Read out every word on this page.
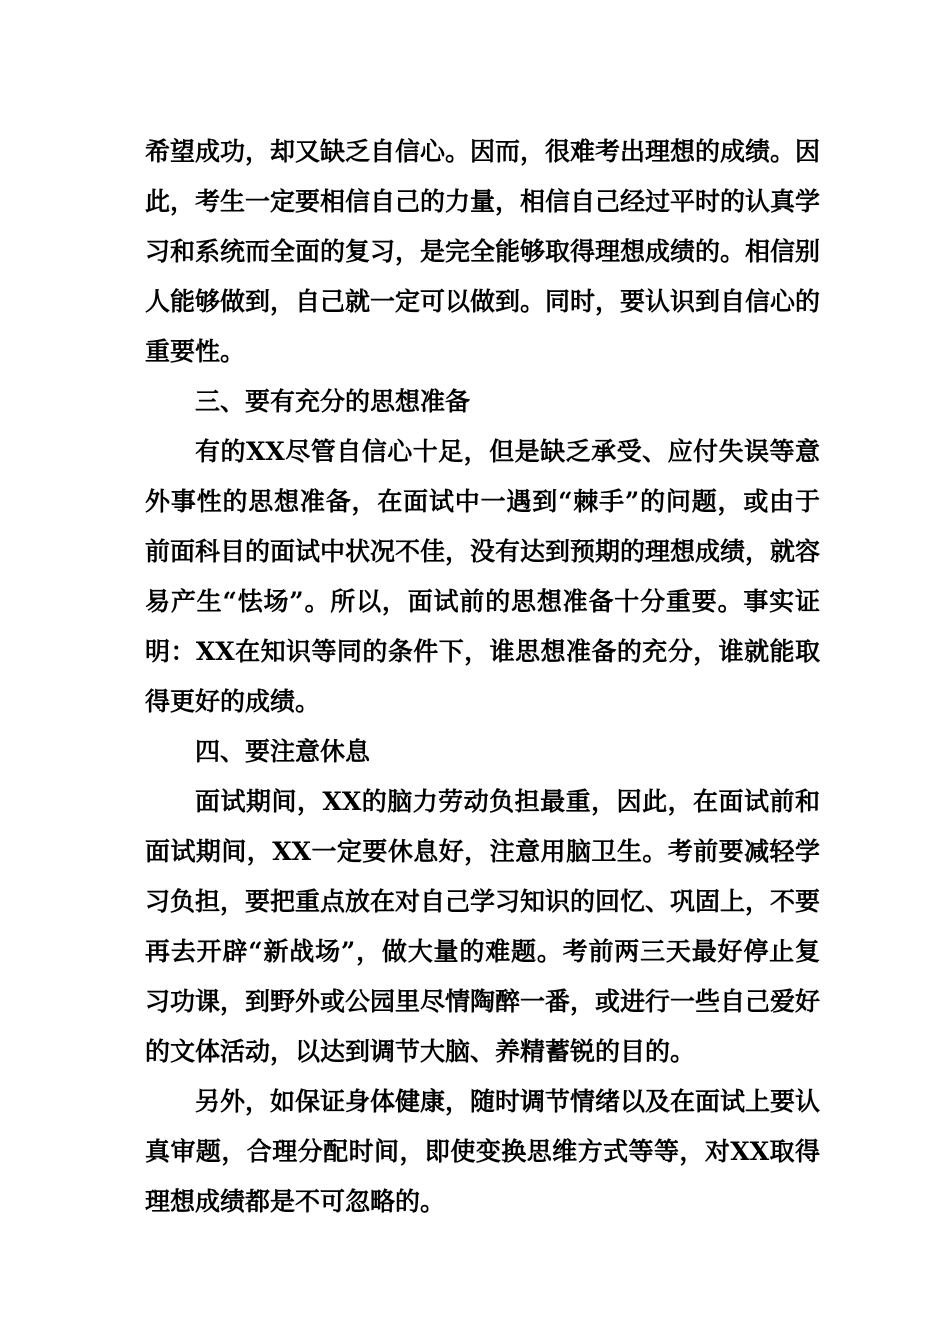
希望成功，却又缺乏自信心。因而，很难考出理想的成绩。因此，考生一定要相信自己的力量，相信自己经过平时的认真学习和系统而全面的复习，是完全能够取得理想成绩的。相信别人能够做到，自己就一定可以做到。同时，要认识到自信心的重要性。

三、要有充分的思想准备

有的XX尽管自信心十足，但是缺乏承受、应付失误等意外事性的思想准备，在面试中一遇到“棘手”的问题，或由于前面科目的面试中状况不佳，没有达到预期的理想成绩，就容易产生“怯场”。所以，面试前的思想准备十分重要。事实证明：XX在知识等同的条件下，谁思想准备的充分，谁就能取得更好的成绩。

四、要注意休息

面试期间，XX的脑力劳动负担最重，因此，在面试前和面试期间，XX一定要休息好，注意用脑卫生。考前要减轻学习负担，要把重点放在对自己学习知识的回忆、巩固上，不要再去开辟“新战场”，做大量的难题。考前两三天最好停止复习功课，到野外或公园里尽情陶醉一番，或进行一些自己爱好的文体活动，以达到调节大脑、养精蓄锐的目的。

另外，如保证身体健康，随时调节情绪以及在面试上要认真审题，合理分配时间，即使变换思维方式等等，对XX取得理想成绩都是不可忽略的。
